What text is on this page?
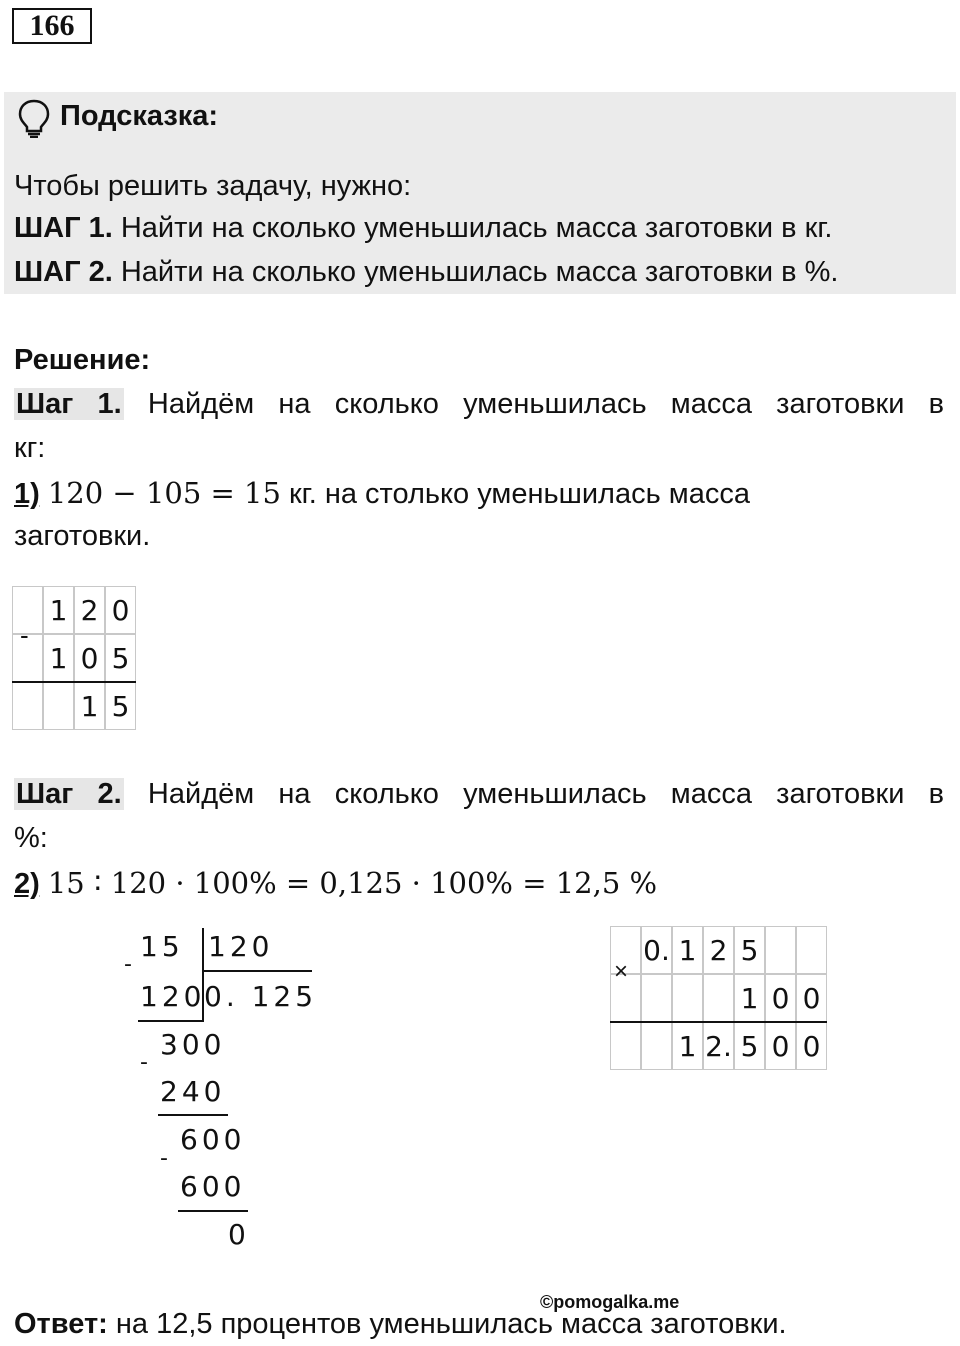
166
Подсказка:
Чтобы решить задачу, нужно:
ШАГ 1. Найти на сколько уменьшилась масса заготовки в кг.
ШАГ 2. Найти на сколько уменьшилась масса заготовки в %.
Решение:
Шаг 1. Найдём на сколько уменьшилась масса заготовки в
кг:
1) 120 − 105 = 15 кг. на столько уменьшилась масса
заготовки.
1 2 0
1 0 5
1 5
-
Шаг 2. Найдём на сколько уменьшилась масса заготовки в
%:
2) 15 ∶ 120 · 100% = 0,125 · 100% = 12,5 %
15 120
0. 125
-
120
300
-
240
600
-
600
0
0. 1 2 5
1 0 0
1 2. 5 0 0
×
©pomogalka.me
Ответ: на 12,5 процентов уменьшилась масса заготовки.
